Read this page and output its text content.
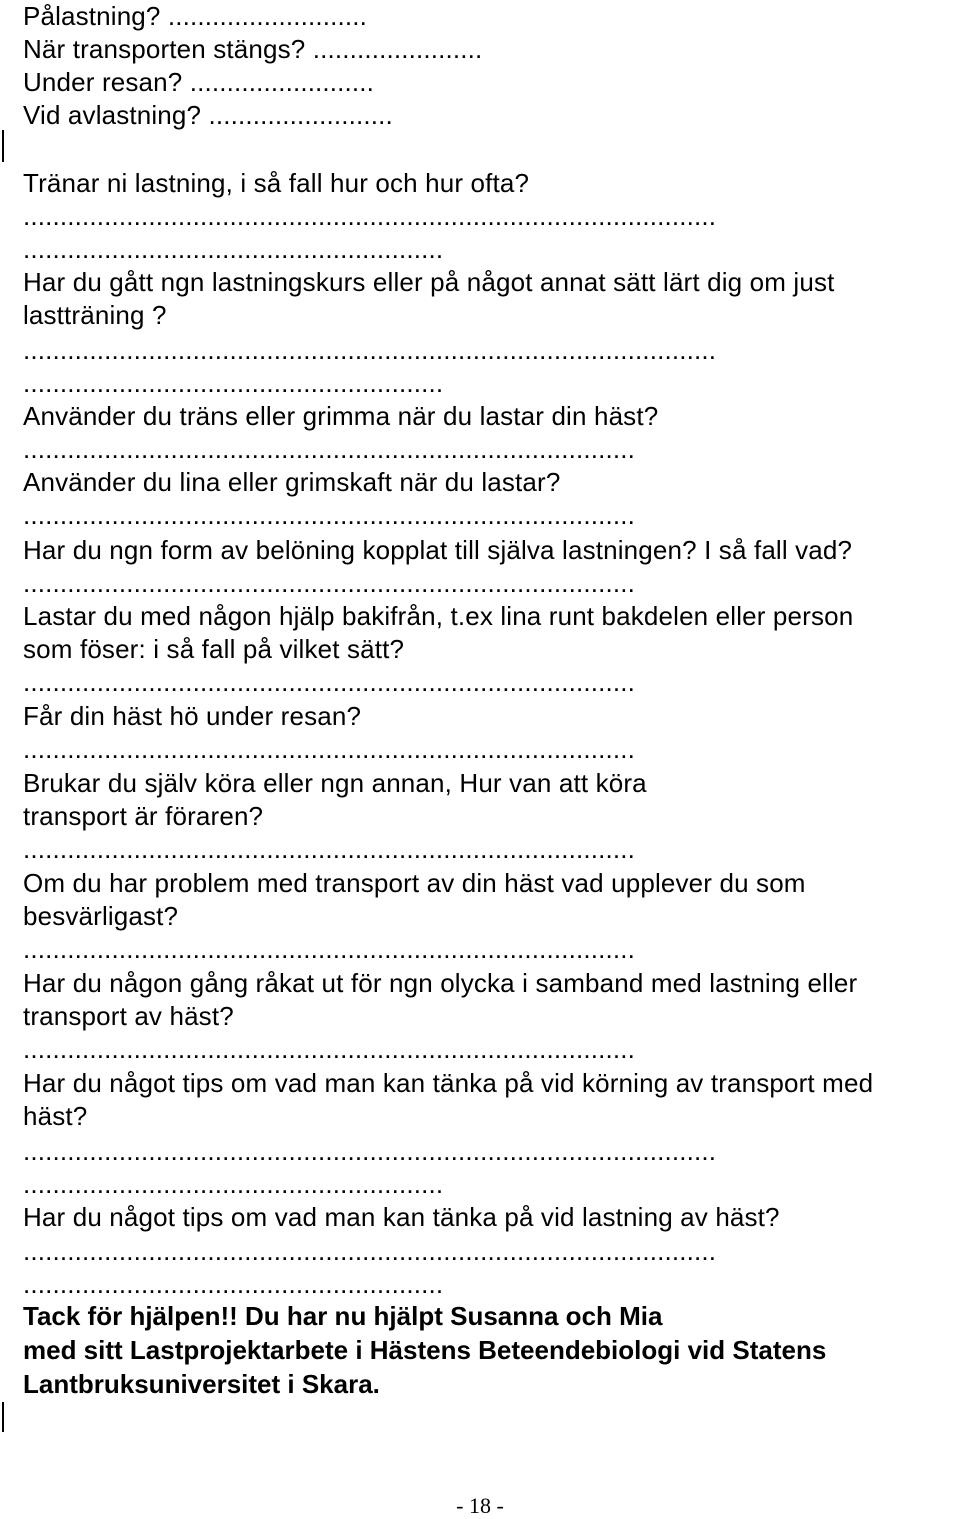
Pålastning? ...........................
När transporten stängs? .......................
Under resan? .........................
Vid avlastning? .........................
Tränar ni lastning, i så fall hur och hur ofta?
..............................................................................................
.........................................................
Har du gått ngn lastningskurs eller på något annat sätt lärt dig om just
lastträning ?
..............................................................................................
.........................................................
Använder du träns eller grimma när du lastar din häst?
...................................................................................
Använder du lina eller grimskaft när du lastar?
...................................................................................
Har du ngn form av belöning kopplat till själva lastningen? I så fall vad?
...................................................................................
Lastar du med någon hjälp bakifrån, t.ex lina runt bakdelen eller person
som föser: i så fall på vilket sätt?
...................................................................................
Får din häst hö under resan?
...................................................................................
Brukar du själv köra eller ngn annan, Hur van att köra
transport är föraren?
...................................................................................
Om du har problem med transport av din häst vad upplever du som
besvärligast?
...................................................................................
Har du någon gång råkat ut för ngn olycka i samband med lastning eller
transport av häst?
...................................................................................
Har du något tips om vad man kan tänka på vid körning av transport med
häst?
..............................................................................................
.........................................................
Har du något tips om vad man kan tänka på vid lastning av häst?
..............................................................................................
.........................................................
Tack för hjälpen!! Du har nu hjälpt Susanna och Mia
med sitt Lastprojektarbete i Hästens Beteendebiologi vid Statens
Lantbruksuniversitet i Skara.
- 18 -
